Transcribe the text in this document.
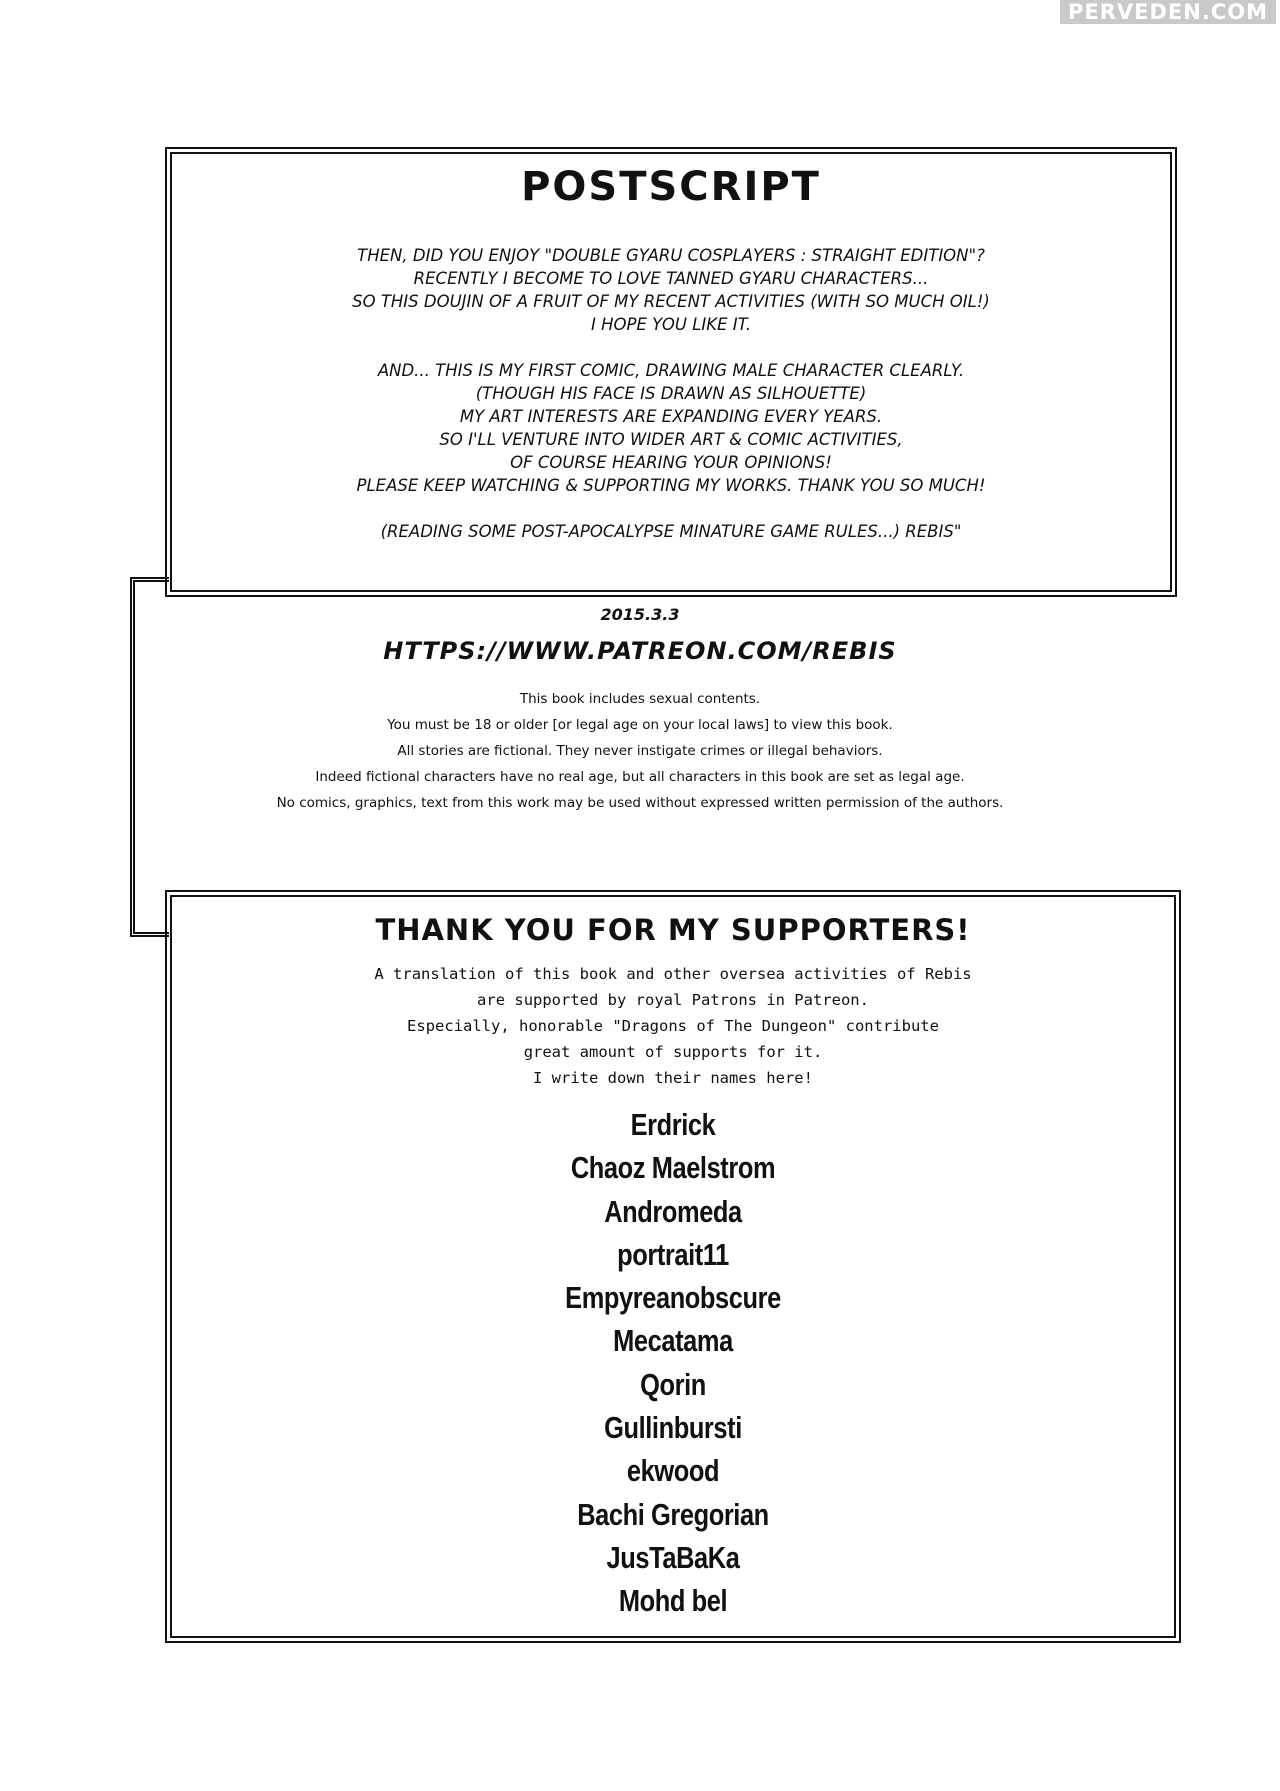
PERVEDEN.COM
POSTSCRIPT
THEN, DID YOU ENJOY "DOUBLE GYARU COSPLAYERS : STRAIGHT EDITION"?
RECENTLY I BECOME TO LOVE TANNED GYARU CHARACTERS...
SO THIS DOUJIN OF A FRUIT OF MY RECENT ACTIVITIES (WITH SO MUCH OIL!)
I HOPE YOU LIKE IT.
AND... THIS IS MY FIRST COMIC, DRAWING MALE CHARACTER CLEARLY.
(THOUGH HIS FACE IS DRAWN AS SILHOUETTE)
MY ART INTERESTS ARE EXPANDING EVERY YEARS.
SO I'LL VENTURE INTO WIDER ART & COMIC ACTIVITIES,
OF COURSE HEARING YOUR OPINIONS!
PLEASE KEEP WATCHING & SUPPORTING MY WORKS. THANK YOU SO MUCH!
(READING SOME POST-APOCALYPSE MINATURE GAME RULES...) REBIS"
2015.3.3
HTTPS://WWW.PATREON.COM/REBIS
This book includes sexual contents.
You must be 18 or older [or legal age on your local laws] to view this book.
All stories are fictional. They never instigate crimes or illegal behaviors.
Indeed fictional characters have no real age, but all characters in this book are set as legal age.
No comics, graphics, text from this work may be used without expressed written permission of the authors.
THANK YOU FOR MY SUPPORTERS!
A translation of this book and other oversea activities of Rebis
are supported by royal Patrons in Patreon.
Especially, honorable "Dragons of The Dungeon" contribute
great amount of supports for it.
I write down their names here!
Erdrick
Chaoz Maelstrom
Andromeda
portrait11
Empyreanobscure
Mecatama
Qorin
Gullinbursti
ekwood
Bachi Gregorian
JusTaBaKa
Mohd bel
